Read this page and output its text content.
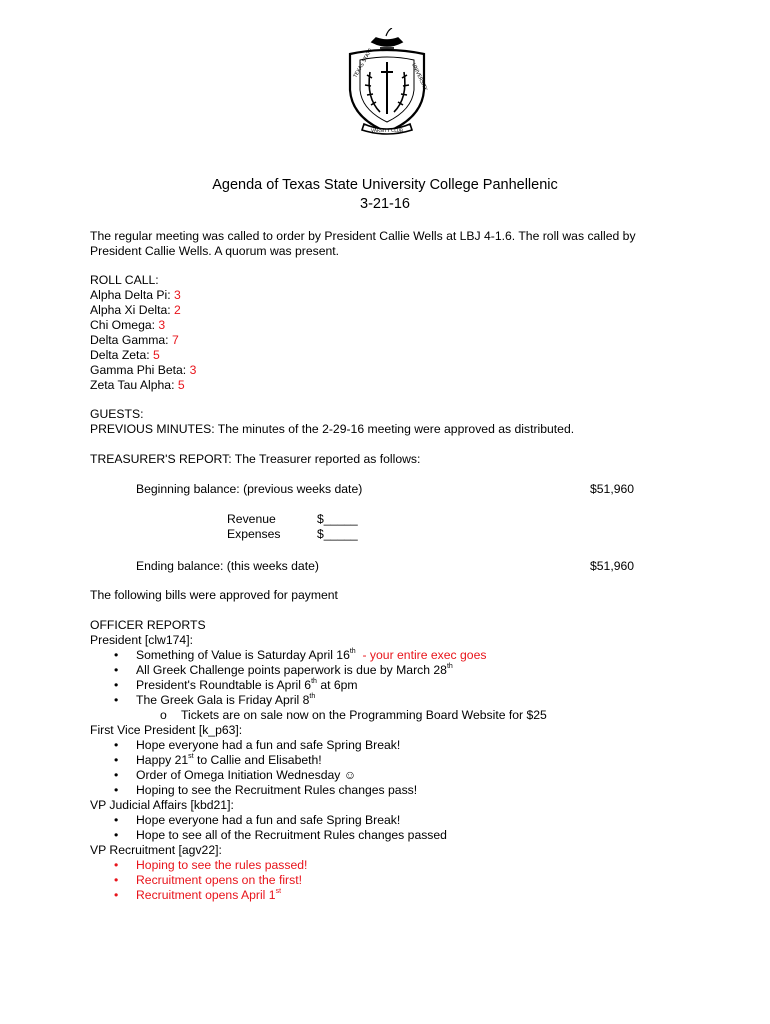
TEXAS STATE	UNIVERSITY
VARSITY CLUB
Agenda of Texas State University College Panhellenic
3-21-16
The regular meeting was called to order by President Callie Wells at LBJ 4-1.6. The roll was called by
President Callie Wells. A quorum was present.
ROLL CALL:
Alpha Delta Pi: 3
Alpha Xi Delta: 2
Chi Omega: 3
Delta Gamma: 7
Delta Zeta: 5
Gamma Phi Beta: 3
Zeta Tau Alpha: 5
GUESTS:
PREVIOUS MINUTES: The minutes of the 2-29-16 meeting were approved as distributed.
TREASURER'S REPORT: The Treasurer reported as follows:
Beginning balance: (previous weeks date)	$51,960
Revenue	$_____
Expenses	$_____
Ending balance: (this weeks date)	$51,960
The following bills were approved for payment
OFFICER REPORTS
President [clw174]:
• Something of Value is Saturday April 16th  - your entire exec goes
• All Greek Challenge points paperwork is due by March 28th
• President's Roundtable is April 6th at 6pm
• The Greek Gala is Friday April 8th
o Tickets are on sale now on the Programming Board Website for $25
First Vice President [k_p63]:
• Hope everyone had a fun and safe Spring Break!
• Happy 21st to Callie and Elisabeth!
• Order of Omega Initiation Wednesday ☺
• Hoping to see the Recruitment Rules changes pass!
VP Judicial Affairs [kbd21]:
• Hope everyone had a fun and safe Spring Break!
• Hope to see all of the Recruitment Rules changes passed
VP Recruitment [agv22]:
• Hoping to see the rules passed!
• Recruitment opens on the first!
• Recruitment opens April 1st
